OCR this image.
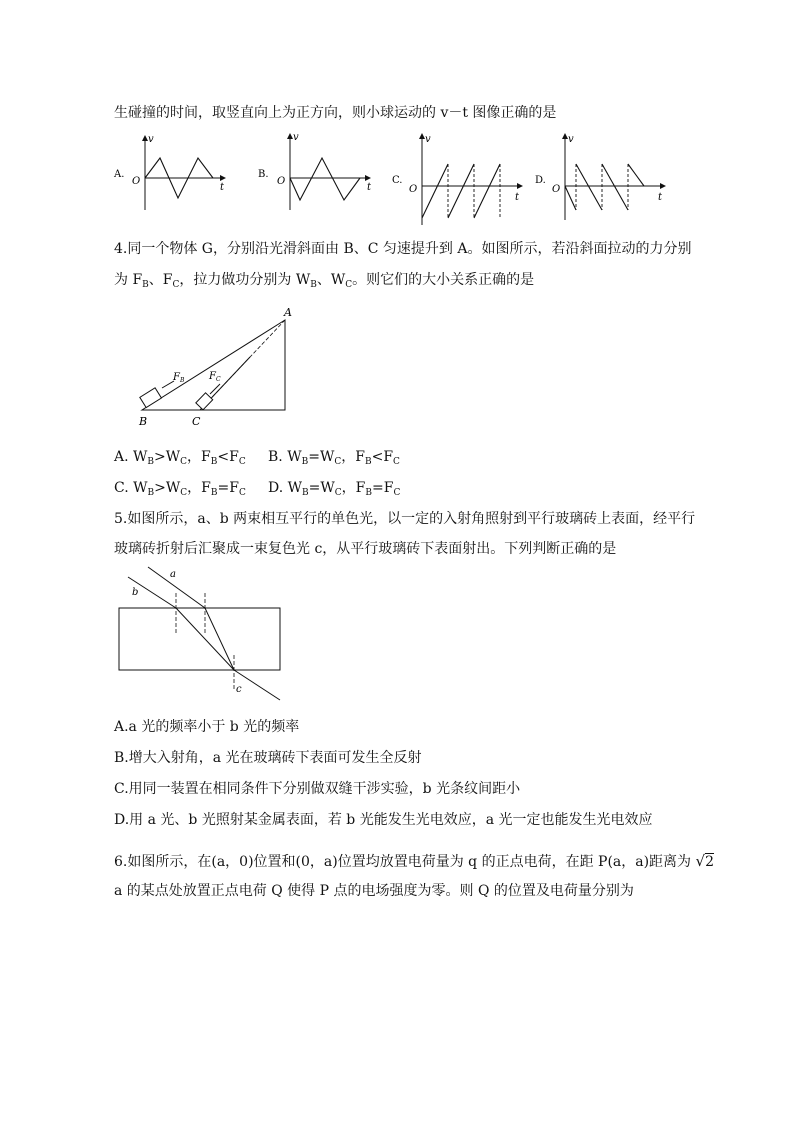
生碰撞的时间，取竖直向上为正方向，则小球运动的 v－t 图像正确的是
A.
v
t
O
B.
v
t
O	C.
v
t
O
D.
v
t
O
4.同一个物体 G，分别沿光滑斜面由 B、C 匀速提升到 A。如图所示，若沿斜面拉动的力分别
为 $F_B$、$F_C$，拉力做功分别为 $W_B$、$W_C$。则它们的大小关系正确的是
A
B	C
$F_B$ $F_C$
A. $W_B>W_C$，$F_B<F_C$ B. $W_B=W_C$，$F_B<F_C$
C. $W_B>W_C$，$F_B=F_C$ D. $W_B=W_C$，$F_B=F_C$
5.如图所示，a、b 两束相互平行的单色光，以一定的入射角照射到平行玻璃砖上表面，经平行
玻璃砖折射后汇聚成一束复色光 c，从平行玻璃砖下表面射出。下列判断正确的是
a
b
c
A.a 光的频率小于 b 光的频率
B.增大入射角，a 光在玻璃砖下表面可发生全反射
C.用同一装置在相同条件下分别做双缝干涉实验，b 光条纹间距小
D.用 a 光、b 光照射某金属表面，若 b 光能发生光电效应，a 光一定也能发生光电效应
6.如图所示，在(a，0)位置和(0，a)位置均放置电荷量为 q 的正点电荷，在距 P(a，a)距离为 √2
a 的某点处放置正点电荷 Q 使得 P 点的电场强度为零。则 Q 的位置及电荷量分别为
